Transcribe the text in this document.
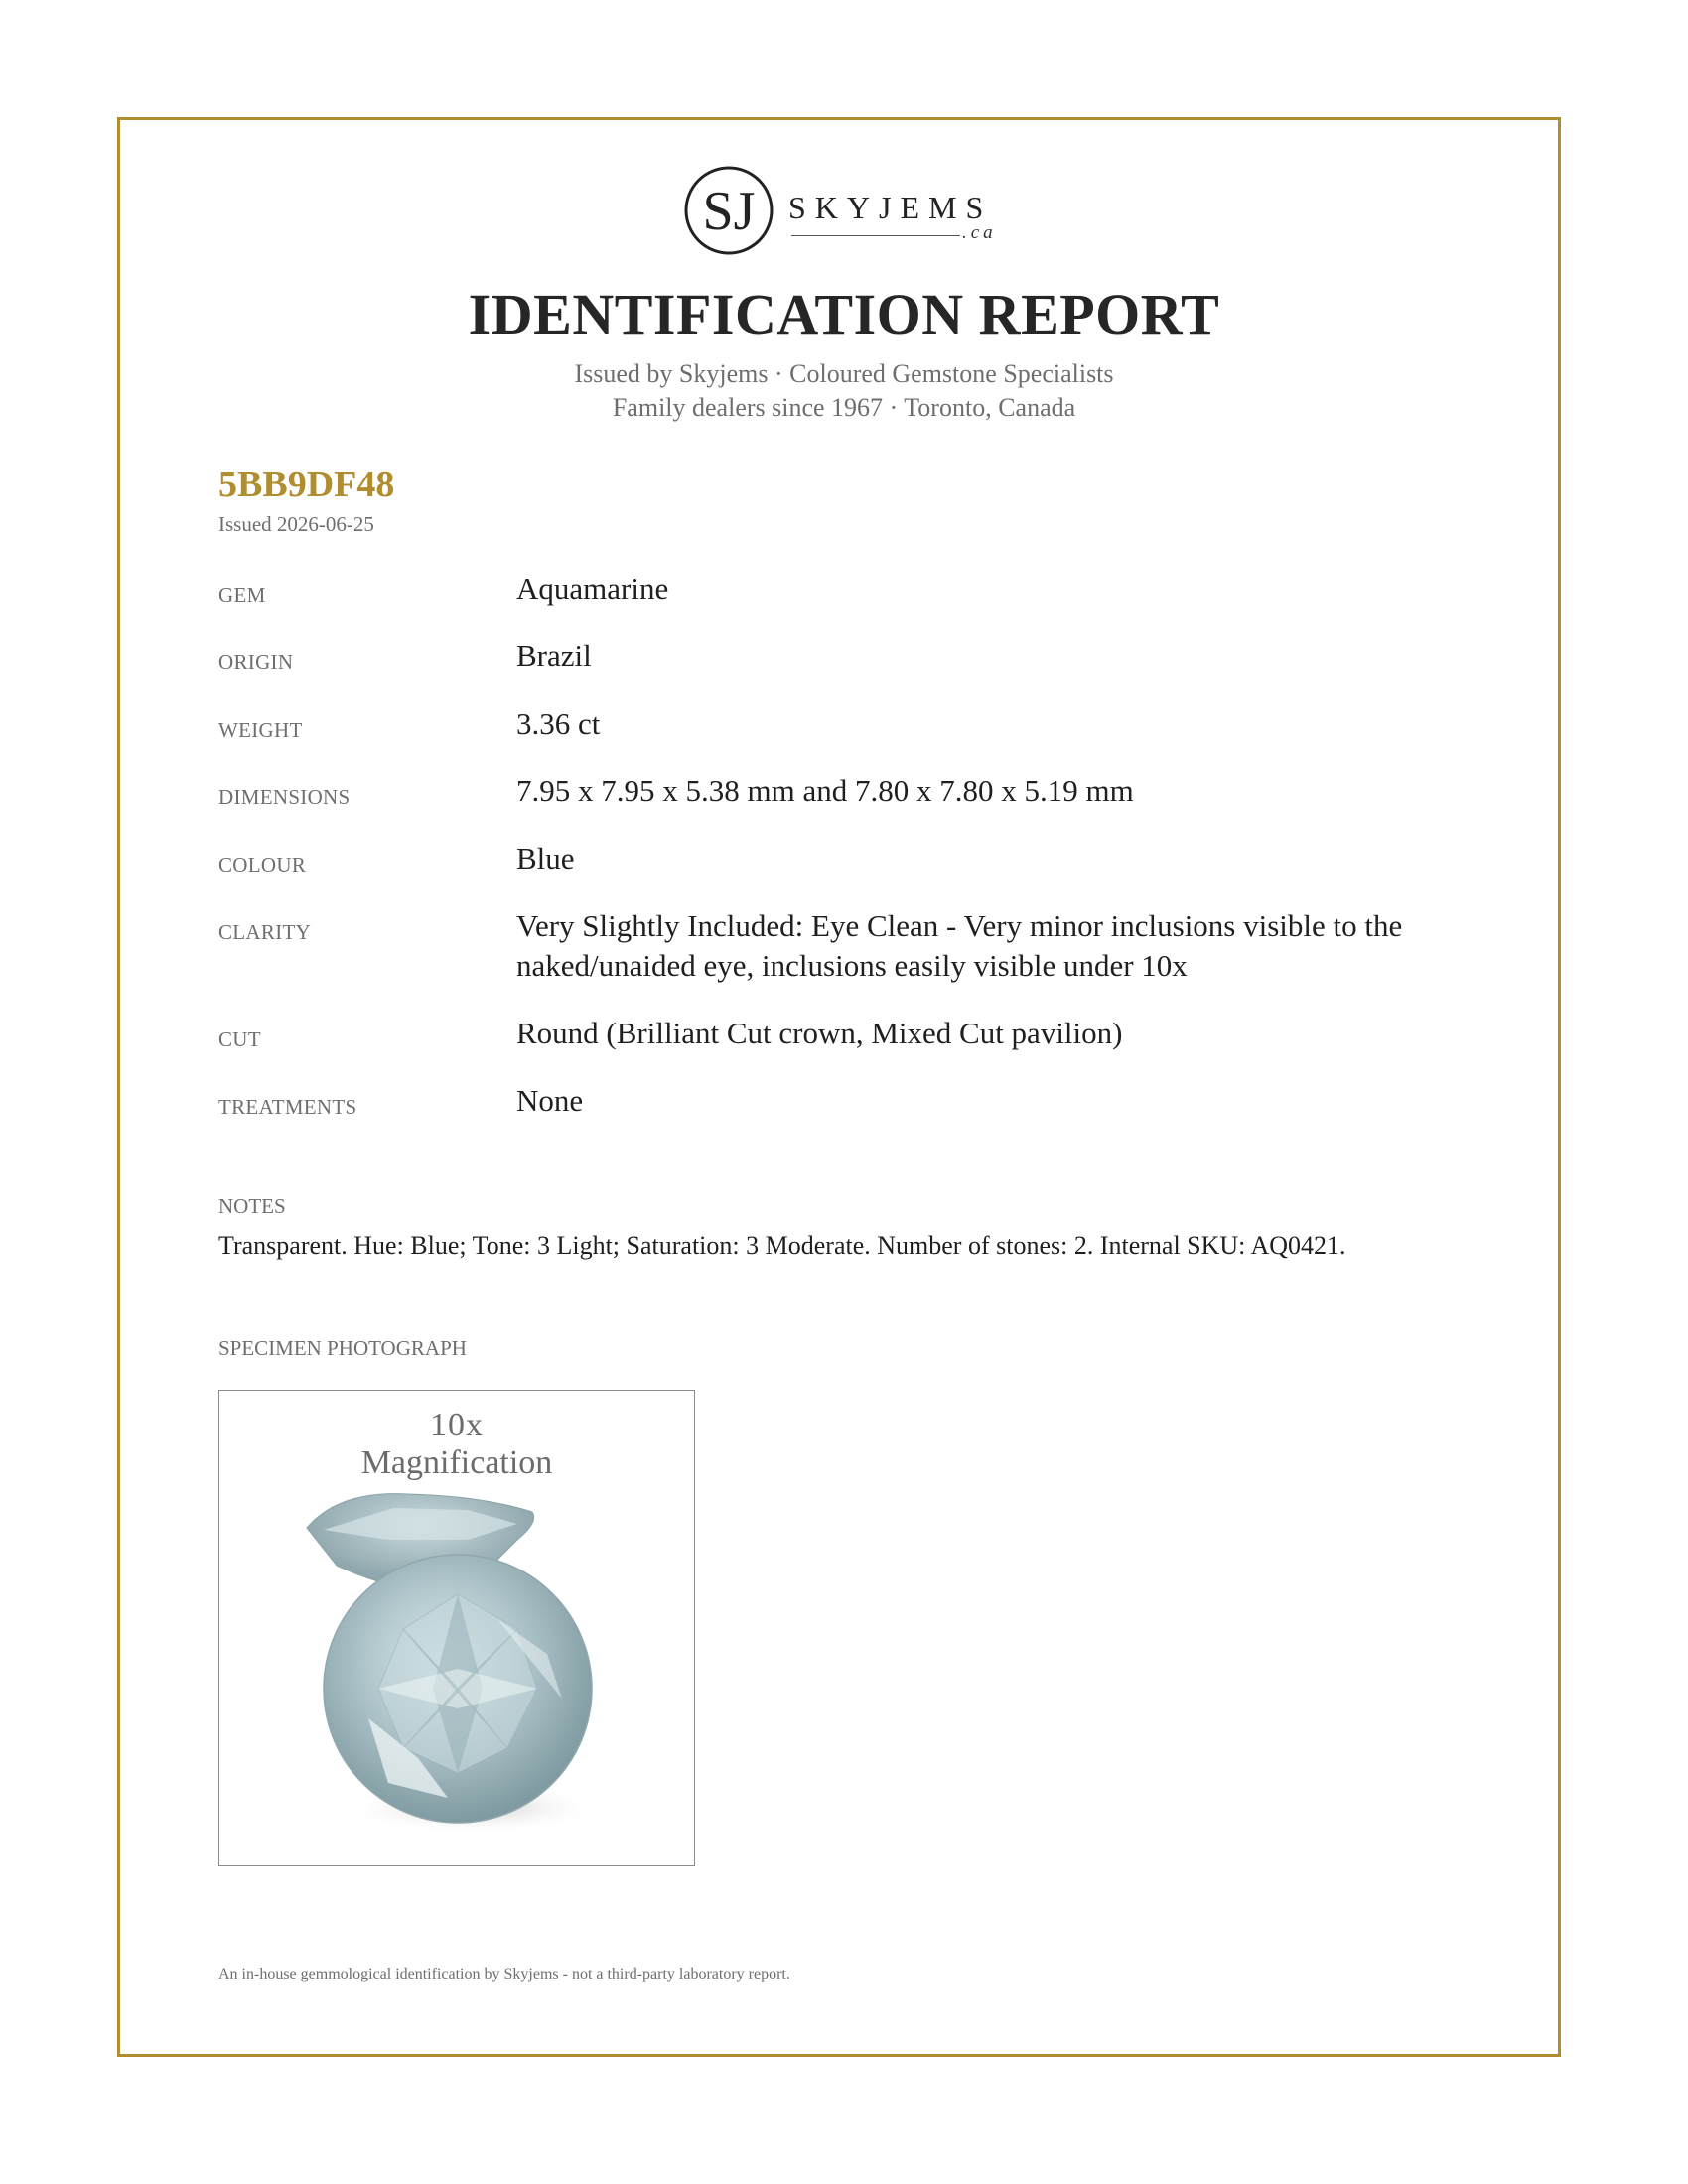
SJ SKYJEMS
.ca
IDENTIFICATION REPORT
Issued by Skyjems · Coloured Gemstone Specialists
Family dealers since 1967 · Toronto, Canada
5BB9DF48
Issued 2026-06-25
GEM	Aquamarine
ORIGIN	Brazil
WEIGHT	3.36 ct
DIMENSIONS	7.95 x 7.95 x 5.38 mm and 7.80 x 7.80 x 5.19 mm
COLOUR	Blue
CLARITY	Very Slightly Included: Eye Clean - Very minor inclusions visible to the naked/unaided eye, inclusions easily visible under 10x
CUT	Round (Brilliant Cut crown, Mixed Cut pavilion)
TREATMENTS	None
NOTES
Transparent. Hue: Blue; Tone: 3 Light; Saturation: 3 Moderate. Number of stones: 2. Internal SKU: AQ0421.
SPECIMEN PHOTOGRAPH
10x
Magnification
An in-house gemmological identification by Skyjems - not a third-party laboratory report.
